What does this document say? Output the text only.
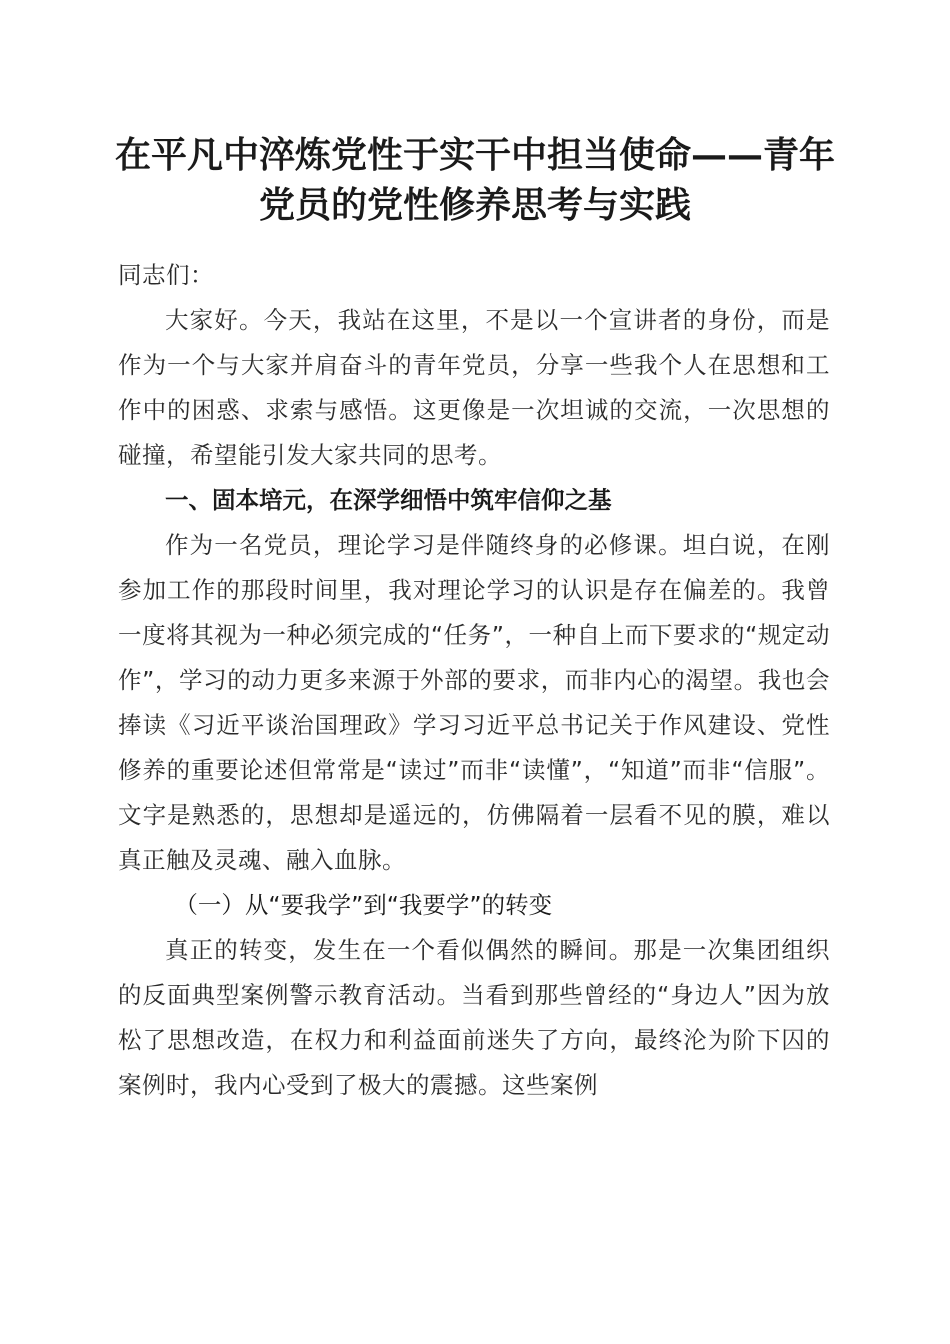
在平凡中淬炼党性于实干中担当使命——青年
党员的党性修养思考与实践

同志们：

大家好。今天，我站在这里，不是以一个宣讲者的身份，而是作为一个与大家并肩奋斗的青年党员，分享一些我个人在思想和工作中的困惑、求索与感悟。这更像是一次坦诚的交流，一次思想的碰撞，希望能引发大家共同的思考。

一、固本培元，在深学细悟中筑牢信仰之基

作为一名党员，理论学习是伴随终身的必修课。坦白说，在刚参加工作的那段时间里，我对理论学习的认识是存在偏差的。我曾一度将其视为一种必须完成的“任务”，一种自上而下要求的“规定动作”，学习的动力更多来源于外部的要求，而非内心的渴望。我也会捧读《习近平谈治国理政》学习习近平总书记关于作风建设、党性修养的重要论述但常常是“读过”而非“读懂”，“知道”而非“信服”。文字是熟悉的，思想却是遥远的，仿佛隔着一层看不见的膜，难以真正触及灵魂、融入血脉。

（一）从“要我学”到“我要学”的转变

真正的转变，发生在一个看似偶然的瞬间。那是一次集团组织的反面典型案例警示教育活动。当看到那些曾经的“身边人”因为放松了思想改造，在权力和利益面前迷失了方向，最终沦为阶下囚的案例时，我内心受到了极大的震撼。这些案例
